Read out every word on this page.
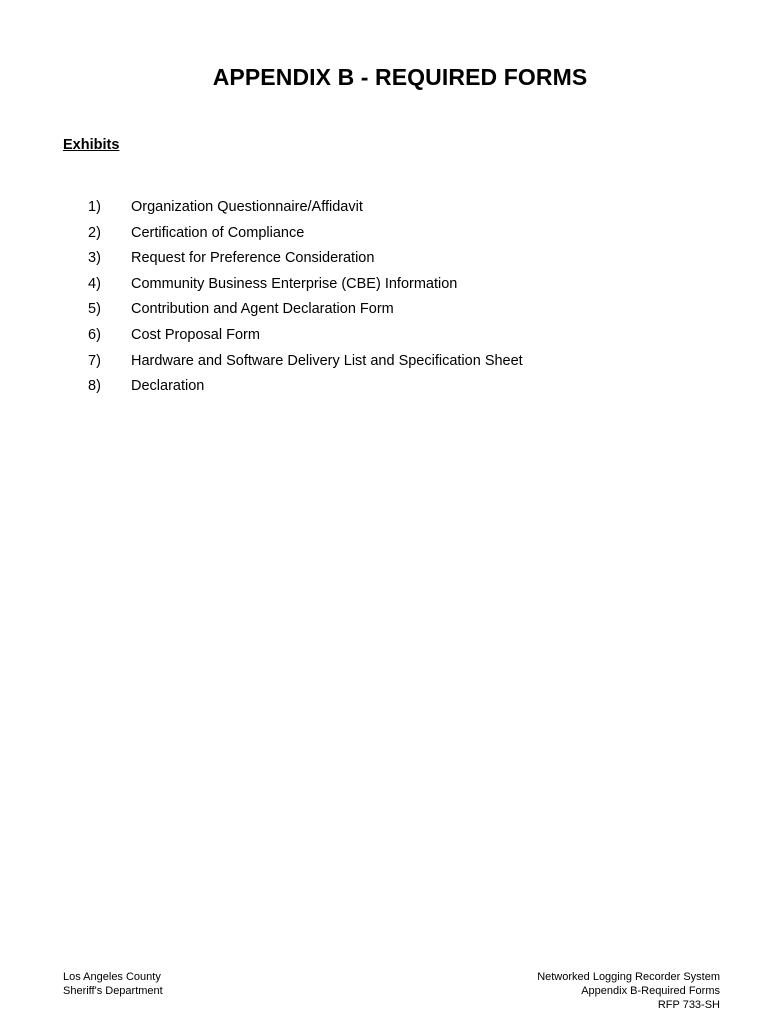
APPENDIX B - REQUIRED FORMS
Exhibits
1)	Organization Questionnaire/Affidavit
2)	Certification of Compliance
3)	Request for Preference Consideration
4)	Community Business Enterprise (CBE) Information
5)	Contribution and Agent Declaration Form
6)	Cost Proposal Form
7)	Hardware and Software Delivery List and Specification Sheet
8)	Declaration
Los Angeles County
Sheriff's Department
Networked Logging Recorder System
Appendix B-Required Forms
RFP 733-SH
